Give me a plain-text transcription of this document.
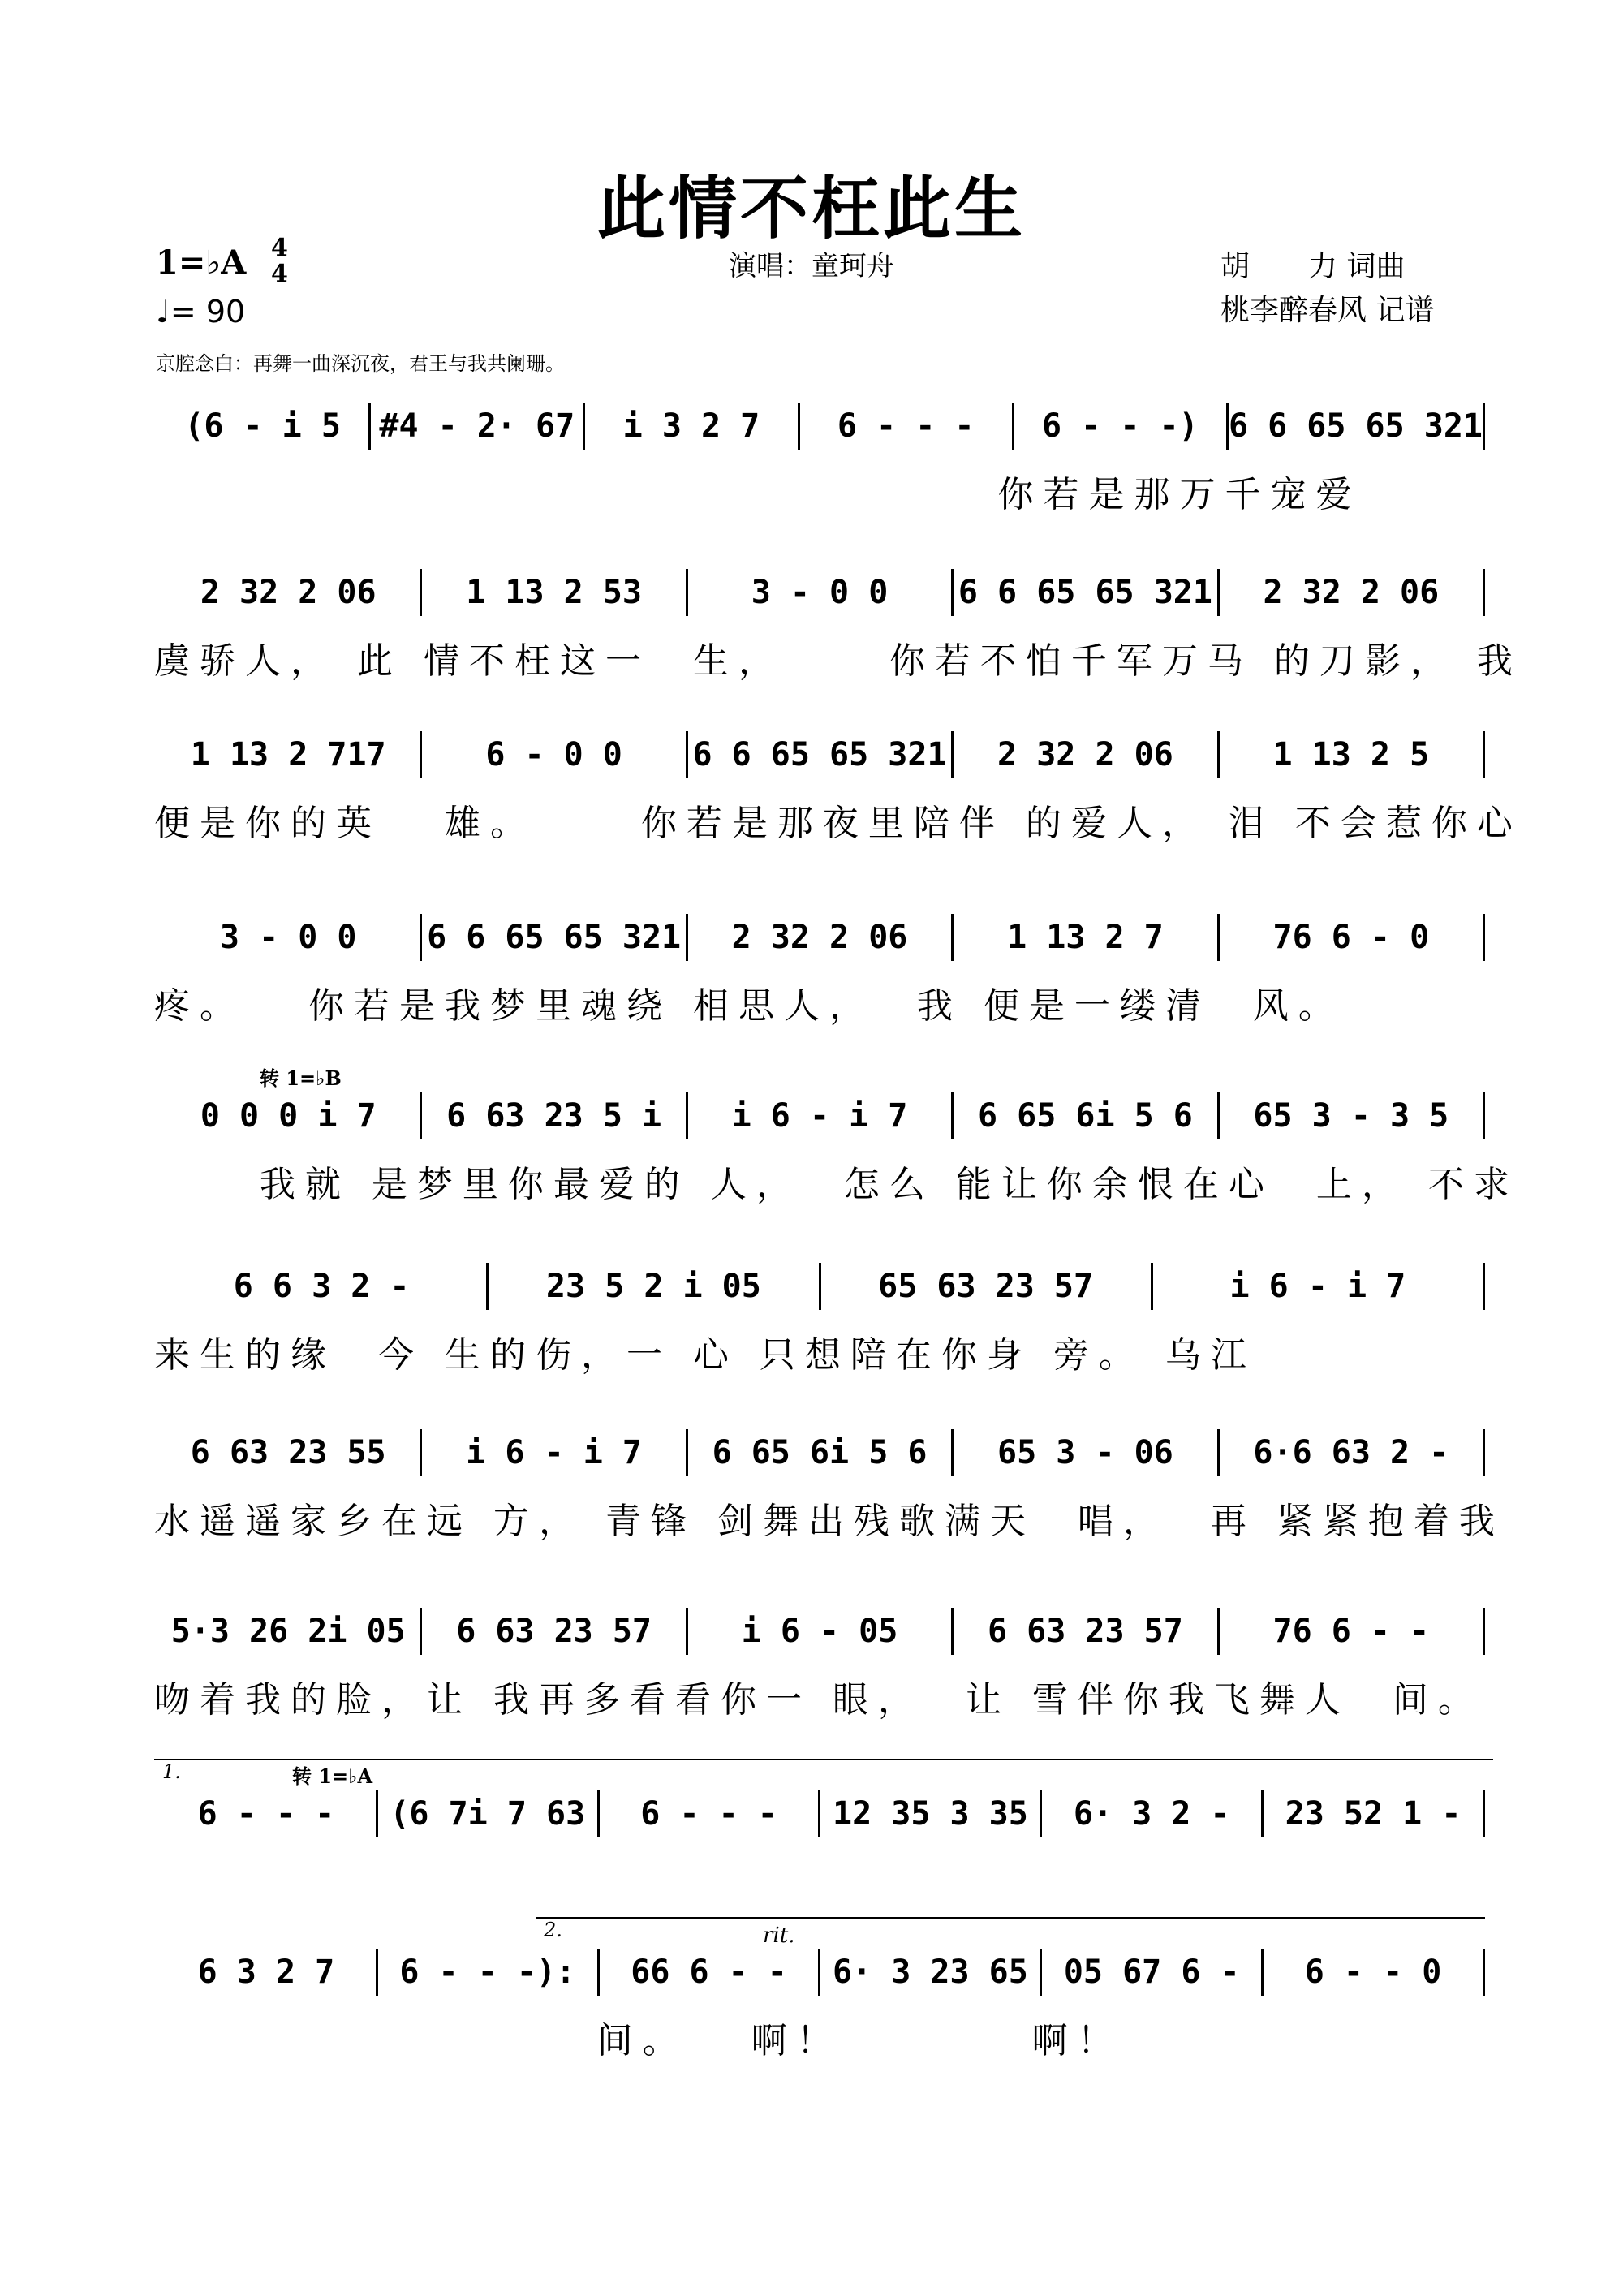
此情不枉此生
1=♭A 4
4
♩= 90
演唱：童珂舟	胡　　力 词曲
桃李醉春风 记谱
京腔念白：再舞一曲深沉夜，君王与我共阑珊。
(6 - i 5	#4 - 2· 67	i 3 2 7	6 - - -	6 - - -) 6 6 65 65 321
你若是那万千宠爱
2 32 2 06	1 13 2 53	3 - 0 0	6 6 65 65 321	2 32 2 06
虞骄人， 此 情不枉这一  生，     你若不怕千军万马 的刀影， 我
1 13 2 717	6 - 0 0	6 6 65 65 321	2 32 2 06	1 13 2 5
便是你的英   雄。     你若是那夜里陪伴 的爱人， 泪 不会惹你心
3 - 0 0	6 6 65 65 321	2 32 2 06	1 13 2 7	76 6 - 0
疼。   你若是我梦里魂绕 相思人，  我 便是一缕清  风。
0 0 0 i 7	6 63 23 5 i	i 6 - i 7	6 65 6i 5 6	65 3 - 3 5
我就 是梦里你最爱的 人，  怎么 能让你余恨在心  上， 不求
转 1=♭B
6 6 3 2 -	23 5 2 i 05	65 63 23 57	i 6 - i 7
来生的缘  今 生的伤，一 心 只想陪在你身 旁。 乌江
6 63 23 55	i 6 - i 7	6 65 6i 5 6	65 3 - 06	6·6 63 2 -
水遥遥家乡在远 方， 青锋 剑舞出残歌满天  唱，  再 紧紧抱着我
5·3 26 2i 05	6 63 23 57	i 6 - 05	6 63 23 57	76 6 - -
吻着我的脸，让 我再多看看你一 眼，  让 雪伴你我飞舞人  间。
6 - - -	(6 7i 7 63	6 - - -	12 35 3 35	6· 3 2 -	23 52 1 -
转 1=♭A
1.
6 3 2 7	6 - - -):	66 6 - -	6· 3 23 65	05 67 6 -	6 - - 0
间。   啊！         啊！
2.	rit.
